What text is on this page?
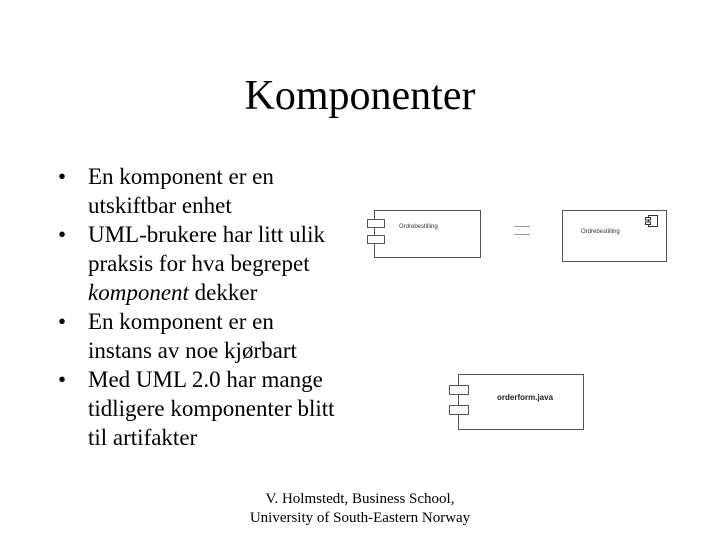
Komponenter
• En komponent er en
utskiftbar enhet
• UML-brukere har litt ulik
praksis for hva begrepet
komponent dekker
• En komponent er en
instans av noe kjørbart
• Med UML 2.0 har mange
tidligere komponenter blitt
til artifakter
Ordrebestilling
Ordrebestilling
orderform.java
V. Holmstedt, Business School,
University of South-Eastern Norway
